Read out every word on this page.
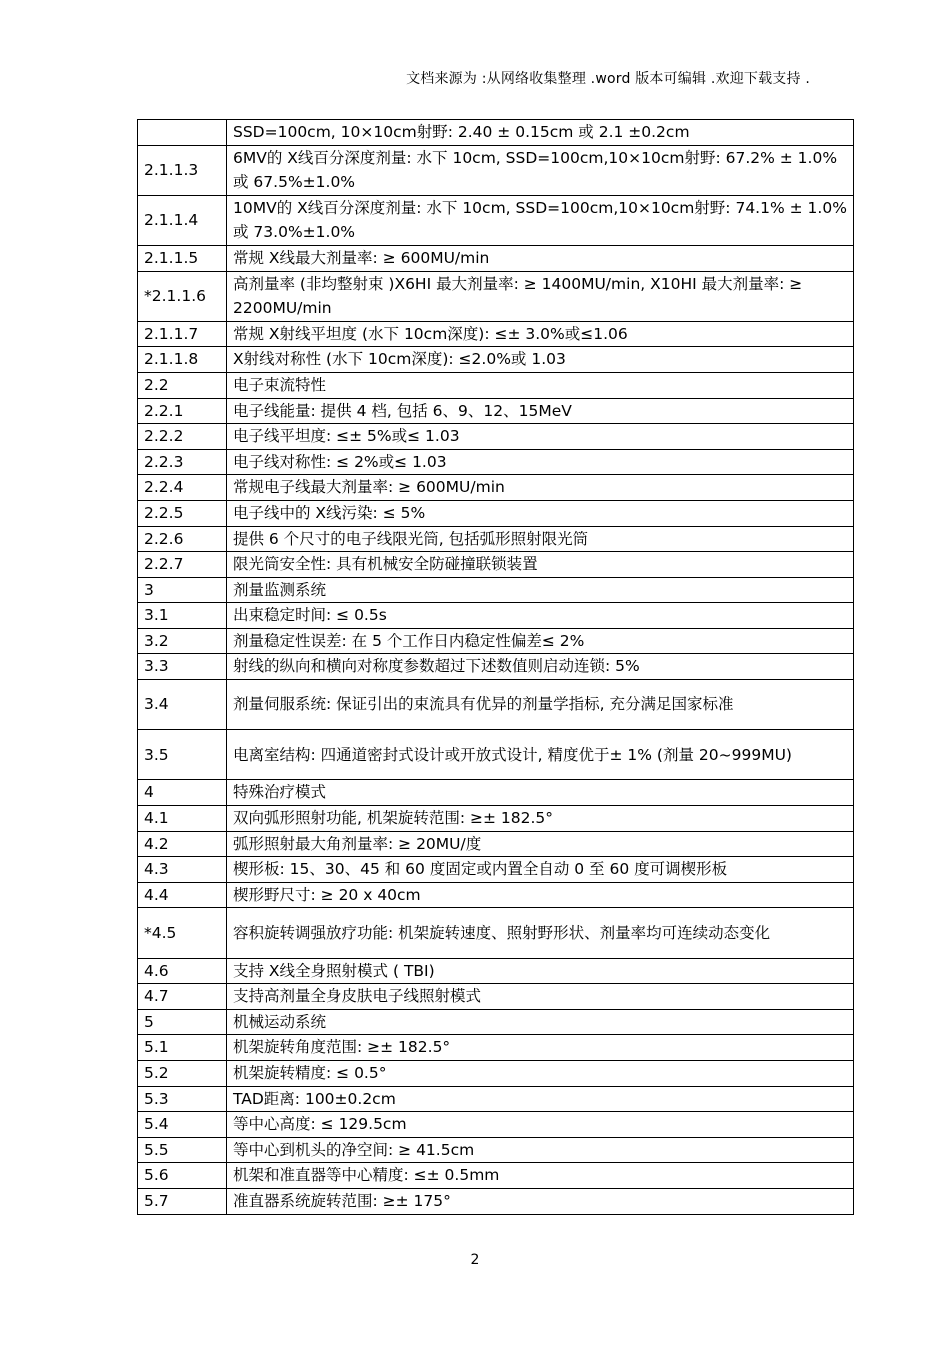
文档来源为 :从网络收集整理 .word 版本可编辑 .欢迎下载支持 .
	SSD=100cm, 10×10cm射野: 2.40 ± 0.15cm 或 2.1 ±0.2cm
2.1.1.3	6MV的 X线百分深度剂量: 水下 10cm, SSD=100cm,10×10cm射野: 67.2% ± 1.0% 或 67.5%±1.0%
2.1.1.4	10MV的 X线百分深度剂量: 水下 10cm, SSD=100cm,10×10cm射野: 74.1% ± 1.0% 或 73.0%±1.0%
2.1.1.5	常规 X线最大剂量率: ≥ 600MU/min
*2.1.1.6	高剂量率 (非均整射束 )X6HI 最大剂量率: ≥ 1400MU/min, X10HI 最大剂量率: ≥ 2200MU/min
2.1.1.7	常规 X射线平坦度 (水下 10cm深度): ≤± 3.0%或≤1.06
2.1.1.8	X射线对称性 (水下 10cm深度): ≤2.0%或 1.03
2.2	电子束流特性
2.2.1	电子线能量: 提供 4 档, 包括 6、9、12、15MeV
2.2.2	电子线平坦度: ≤± 5%或≤ 1.03
2.2.3	电子线对称性: ≤ 2%或≤ 1.03
2.2.4	常规电子线最大剂量率: ≥ 600MU/min
2.2.5	电子线中的 X线污染: ≤ 5%
2.2.6	提供 6 个尺寸的电子线限光筒, 包括弧形照射限光筒
2.2.7	限光筒安全性: 具有机械安全防碰撞联锁装置
3	剂量监测系统
3.1	出束稳定时间: ≤ 0.5s
3.2	剂量稳定性误差: 在 5 个工作日内稳定性偏差≤ 2%
3.3	射线的纵向和横向对称度参数超过下述数值则启动连锁: 5%
3.4	剂量伺服系统: 保证引出的束流具有优异的剂量学指标, 充分满足国家标准
3.5	电离室结构: 四通道密封式设计或开放式设计, 精度优于± 1% (剂量 20~999MU)
4	特殊治疗模式
4.1	双向弧形照射功能, 机架旋转范围: ≥± 182.5°
4.2	弧形照射最大角剂量率: ≥ 20MU/度
4.3	楔形板: 15、30、45 和 60 度固定或内置全自动 0 至 60 度可调楔形板
4.4	楔形野尺寸: ≥ 20 x 40cm
*4.5	容积旋转调强放疗功能: 机架旋转速度、照射野形状、剂量率均可连续动态变化
4.6	支持 X线全身照射模式 ( TBI)
4.7	支持高剂量全身皮肤电子线照射模式
5	机械运动系统
5.1	机架旋转角度范围: ≥± 182.5°
5.2	机架旋转精度: ≤ 0.5°
5.3	TAD距离: 100±0.2cm
5.4	等中心高度: ≤ 129.5cm
5.5	等中心到机头的净空间: ≥ 41.5cm
5.6	机架和准直器等中心精度: ≤± 0.5mm
5.7	准直器系统旋转范围: ≥± 175°
2
